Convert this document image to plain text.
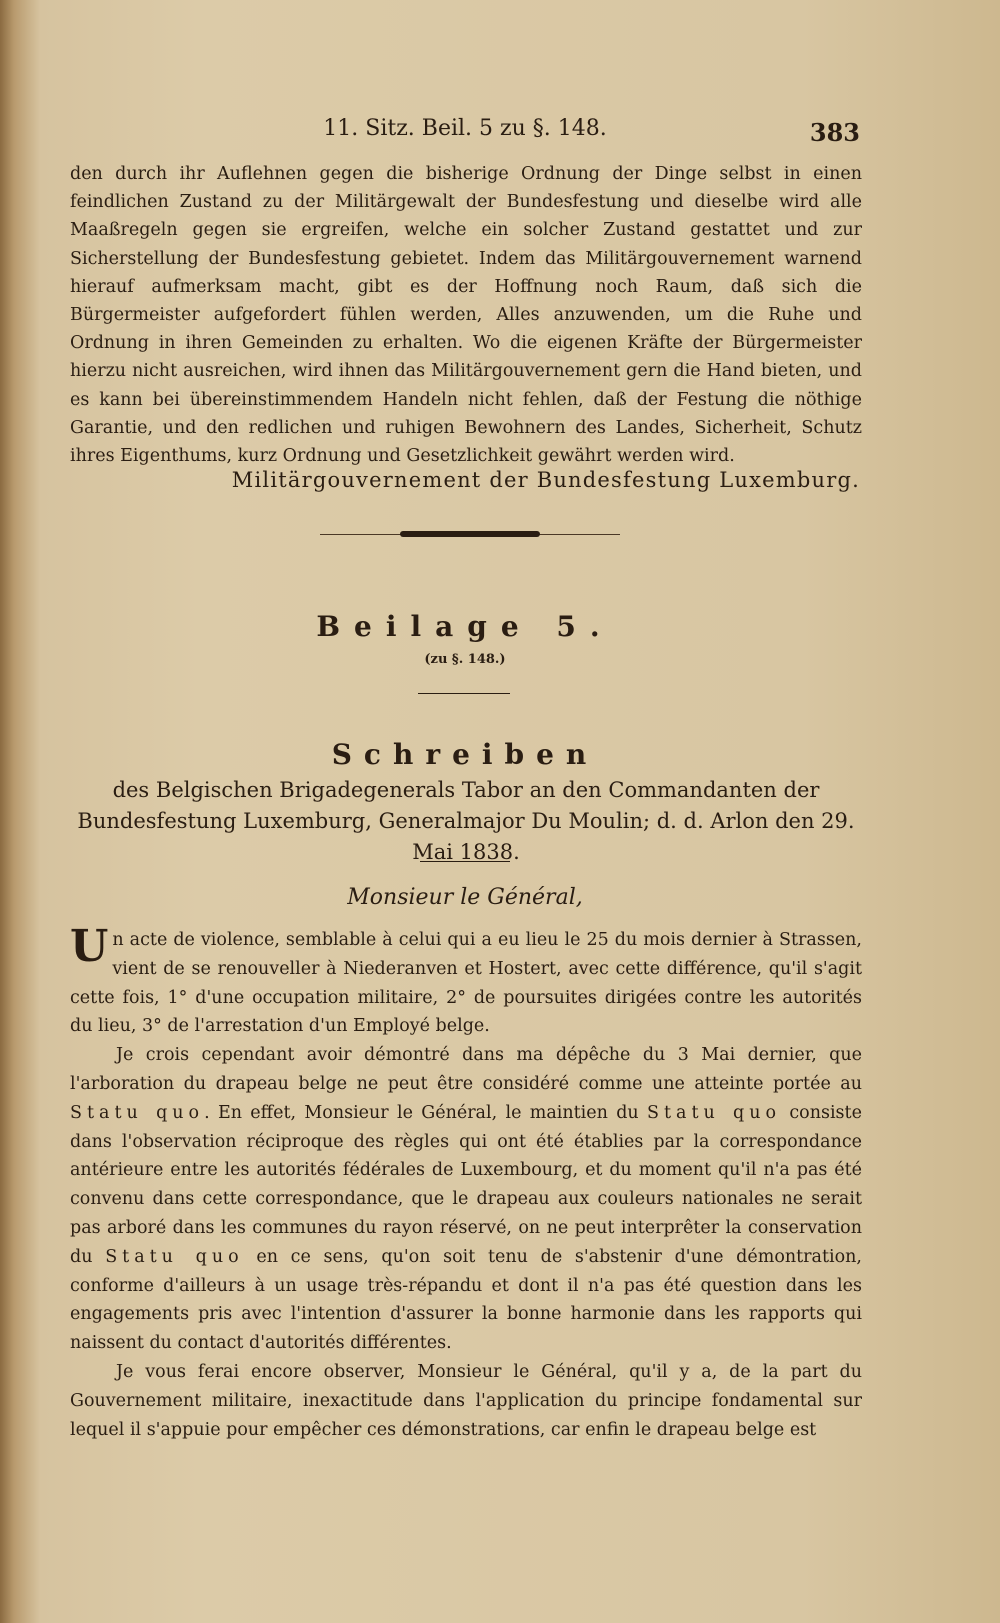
11. Sitz. Beil. 5 zu §. 148.	383
den durch ihr Auflehnen gegen die bisherige Ordnung der Dinge selbst in einen feindlichen Zustand zu der Militärgewalt der Bundesfestung und dieselbe wird alle Maaßregeln gegen sie ergreifen, welche ein solcher Zustand gestattet und zur Sicherstellung der Bundesfestung gebietet. Indem das Militärgouvernement warnend hierauf aufmerksam macht, gibt es der Hoffnung noch Raum, daß sich die Bürgermeister aufgefordert fühlen werden, Alles anzuwenden, um die Ruhe und Ordnung in ihren Gemeinden zu erhalten. Wo die eigenen Kräfte der Bürgermeister hierzu nicht ausreichen, wird ihnen das Militärgouvernement gern die Hand bieten, und es kann bei übereinstimmendem Handeln nicht fehlen, daß der Festung die nöthige Garantie, und den redlichen und ruhigen Bewohnern des Landes, Sicherheit, Schutz ihres Eigenthums, kurz Ordnung und Gesetzlichkeit gewährt werden wird.
Militärgouvernement der Bundesfestung Luxemburg.
Beilage 5.
(zu §. 148.)
Schreiben
des Belgischen Brigadegenerals Tabor an den Commandanten der Bundesfestung Luxemburg, Generalmajor Du Moulin; d. d. Arlon den 29. Mai 1838.
Monsieur le Général,

Un acte de violence, semblable à celui qui a eu lieu le 25 du mois dernier à Strassen, vient de se renouveller à Niederanven et Hostert, avec cette différence, qu'il s'agit cette fois, 1° d'une occupation militaire, 2° de poursuites dirigées contre les autorités du lieu, 3° de l'arrestation d'un Employé belge.

Je crois cependant avoir démontré dans ma dépêche du 3 Mai dernier, que l'arboration du drapeau belge ne peut être considéré comme une atteinte portée au Statu quo. En effet, Monsieur le Général, le maintien du Statu quo consiste dans l'observation réciproque des règles qui ont été établies par la correspondance antérieure entre les autorités fédérales de Luxembourg, et du moment qu'il n'a pas été convenu dans cette correspondance, que le drapeau aux couleurs nationales ne serait pas arboré dans les communes du rayon réservé, on ne peut interprêter la conservation du Statu quo en ce sens, qu'on soit tenu de s'abstenir d'une démontration, conforme d'ailleurs à un usage très-répandu et dont il n'a pas été question dans les engagements pris avec l'intention d'assurer la bonne harmonie dans les rapports qui naissent du contact d'autorités différentes.

Je vous ferai encore observer, Monsieur le Général, qu'il y a, de la part du Gouvernement militaire, inexactitude dans l'application du principe fondamental sur lequel il s'appuie pour empêcher ces démonstrations, car enfin le drapeau belge est
